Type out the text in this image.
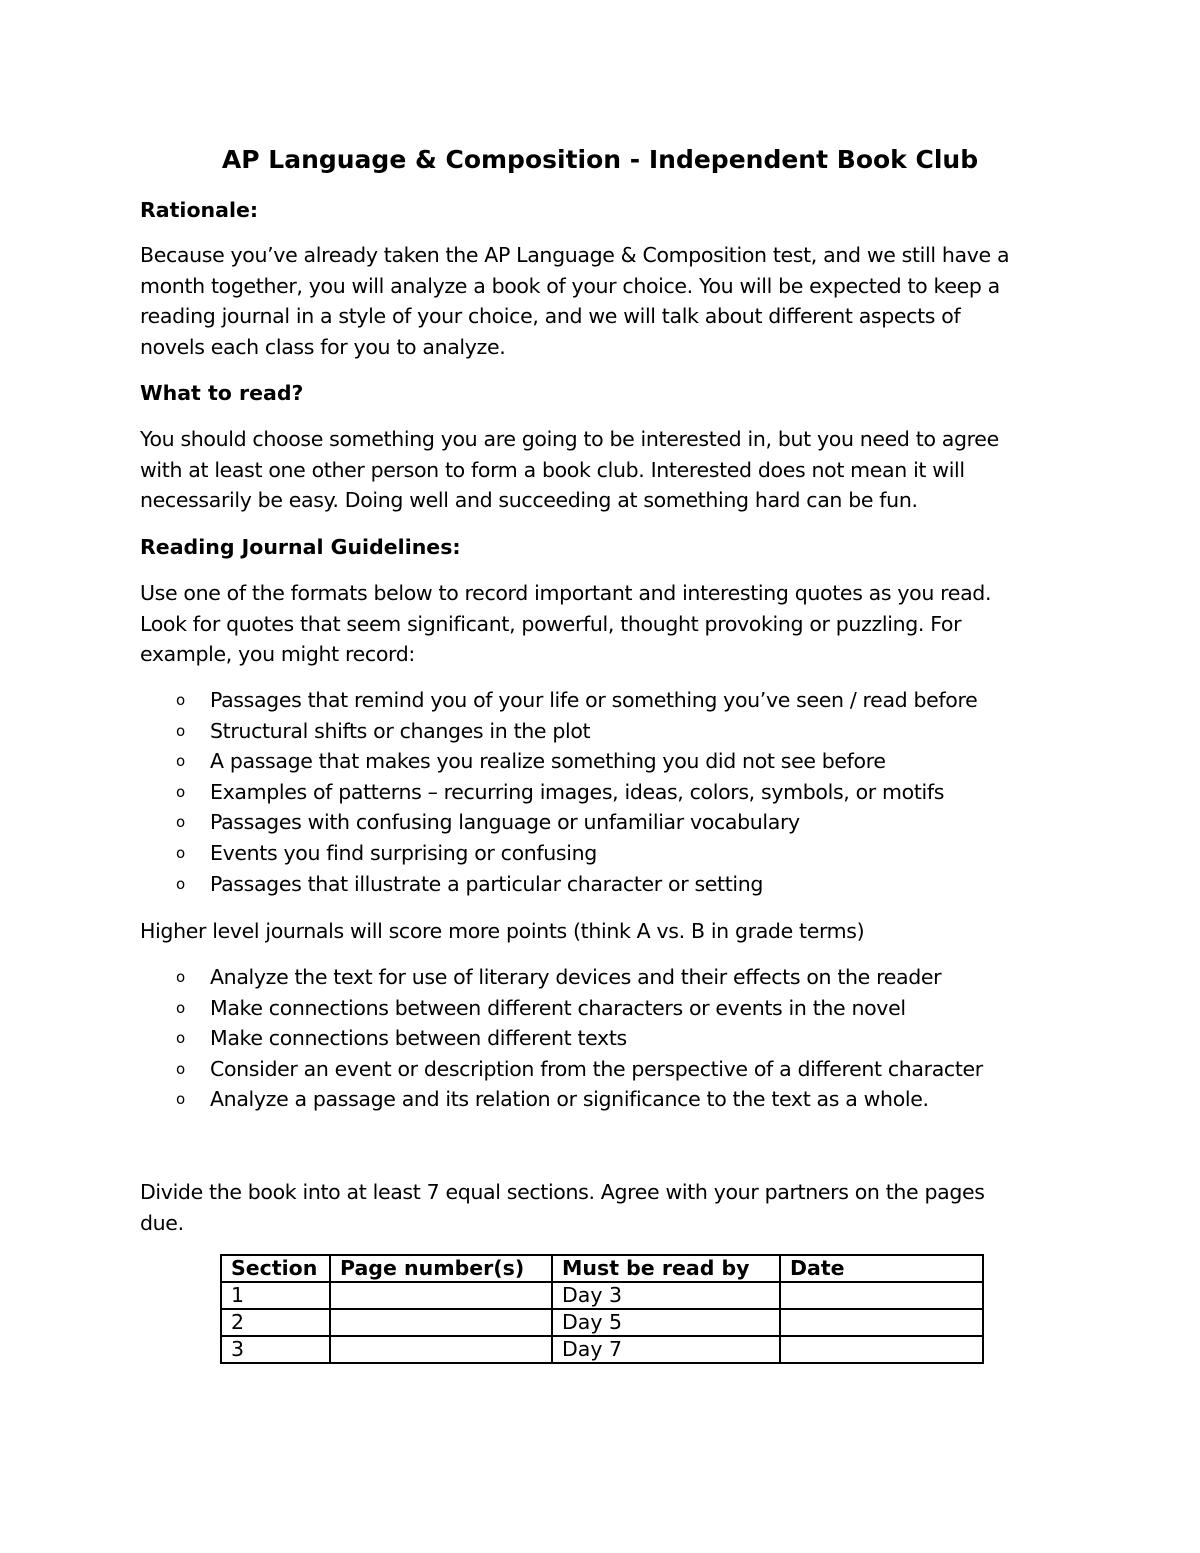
AP Language & Composition - Independent Book Club
Rationale:
Because you’ve already taken the AP Language & Composition test, and we still have a
month together, you will analyze a book of your choice. You will be expected to keep a
reading journal in a style of your choice, and we will talk about different aspects of
novels each class for you to analyze.
What to read?
You should choose something you are going to be interested in, but you need to agree
with at least one other person to form a book club. Interested does not mean it will
necessarily be easy. Doing well and succeeding at something hard can be fun.
Reading Journal Guidelines:
Use one of the formats below to record important and interesting quotes as you read.
Look for quotes that seem significant, powerful, thought provoking or puzzling. For
example, you might record:
o Passages that remind you of your life or something you’ve seen / read before
o Structural shifts or changes in the plot
o A passage that makes you realize something you did not see before
o Examples of patterns – recurring images, ideas, colors, symbols, or motifs
o Passages with confusing language or unfamiliar vocabulary
o Events you find surprising or confusing
o Passages that illustrate a particular character or setting
Higher level journals will score more points (think A vs. B in grade terms)
o Analyze the text for use of literary devices and their effects on the reader
o Make connections between different characters or events in the novel
o Make connections between different texts
o Consider an event or description from the perspective of a different character
o Analyze a passage and its relation or significance to the text as a whole.
Divide the book into at least 7 equal sections. Agree with your partners on the pages
due.
Section	Page number(s)	Must be read by	Date
1		Day 3	
2		Day 5	
3		Day 7	
